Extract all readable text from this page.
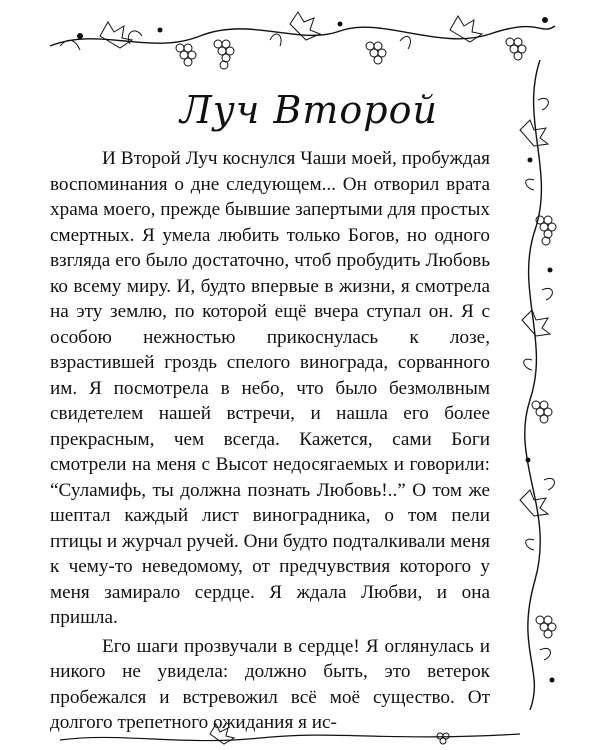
Луч Второй

И Второй Луч коснулся Чаши моей, пробуждая воспоминания о дне следующем... Он отворил врата храма моего, прежде бывшие запертыми для простых смертных. Я умела любить только Богов, но одного взгляда его было достаточно, чтоб пробудить Любовь ко всему миру. И, будто впервые в жизни, я смотрела на эту землю, по которой ещё вчера ступал он. Я с особою нежностью прикоснулась к лозе, взрастившей гроздь спелого винограда, сорванного им. Я посмотрела в небо, что было безмолвным свидетелем нашей встречи, и нашла его более прекрасным, чем всегда. Кажется, сами Боги смотрели на меня с Высот недосягаемых и говорили: “Суламифь, ты должна познать Любовь!..” О том же шептал каждый лист виноградника, о том пели птицы и журчал ручей. Они будто подталкивали меня к чему-то неведомому, от предчувствия которого у меня замирало сердце. Я ждала Любви, и она пришла.

Его шаги прозвучали в сердце! Я оглянулась и никого не увидела: должно быть, это ветерок пробежался и встревожил всё моё существо. От долгого трепетного ожидания я ис-
